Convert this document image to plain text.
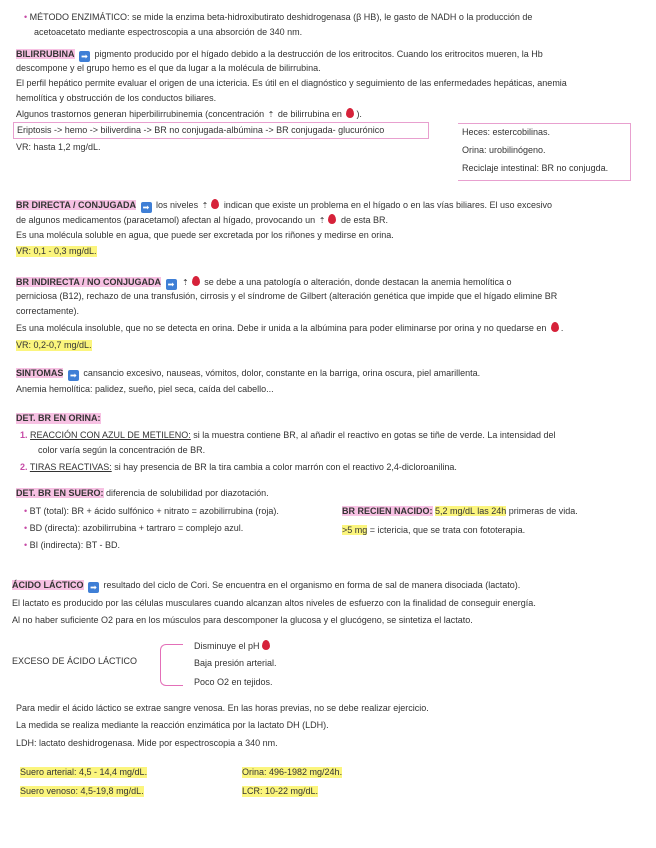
• MÉTODO ENZIMÁTICO: se mide la enzima beta-hidroxibutirato deshidrogenasa (β HB), le gasto de NADH o la producción de
acetoacetato mediante espectroscopia a una absorción de 340 nm.
BILIRRUBINA ➡ pigmento producido por el hígado debido a la destrucción de los eritrocitos. Cuando los eritrocitos mueren, la Hb
descompone y el grupo hemo es el que da lugar a la molécula de bilirrubina.
El perfil hepático permite evaluar el origen de una ictericia. Es útil en el diagnóstico y seguimiento de las enfermedades hepáticas, anemia
hemolítica y obstrucción de los conductos biliares.
Algunos trastornos generan hiperbilirrubinemia (concentración ⇡ de bilirrubina en ).
Eriptosis -> hemo -> biliverdina -> BR no conjugada-albúmina -> BR conjugada- glucurónico
VR: hasta 1,2 mg/dL.
Heces: estercobilinas.
Orina: urobilinógeno.
Reciclaje intestinal: BR no conjugda.
BR DIRECTA / CONJUGADA ➡ los niveles ⇡ indican que existe un problema en el hígado o en las vías biliares. El uso excesivo
de algunos medicamentos (paracetamol) afectan al hígado, provocando un ⇡ de esta BR.
Es una molécula soluble en agua, que puede ser excretada por los riñones y medirse en orina.
VR: 0,1 - 0,3 mg/dL.
BR INDIRECTA / NO CONJUGADA ➡ ⇡ se debe a una patología o alteración, donde destacan la anemia hemolítica o
perniciosa (B12), rechazo de una transfusión, cirrosis y el síndrome de Gilbert (alteración genética que impide que el hígado elimine BR
correctamente).
Es una molécula insoluble, que no se detecta en orina. Debe ir unida a la albúmina para poder eliminarse por orina y no quedarse en .
VR: 0,2-0,7 mg/dL.
SINTOMAS ➡ cansancio excesivo, nauseas, vómitos, dolor, constante en la barriga, orina oscura, piel amarillenta.
Anemia hemolítica: palidez, sueño, piel seca, caída del cabello...
DET. BR EN ORINA:
1. REACCIÓN CON AZUL DE METILENO: si la muestra contiene BR, al añadir el reactivo en gotas se tiñe de verde. La intensidad del
color varía según la concentración de BR.
2. TIRAS REACTIVAS: si hay presencia de BR la tira cambia a color marrón con el reactivo 2,4-dicloroanilina.
DET. BR EN SUERO: diferencia de solubilidad por diazotación.
• BT (total): BR + ácido sulfónico + nitrato = azobilirrubina (roja).
• BD (directa): azobilirrubina + tartraro = complejo azul.
• BI (indirecta): BT - BD.
BR RECIEN NACIDO: 5,2 mg/dL las 24h primeras de vida.
>5 mg = ictericia, que se trata con fototerapia.
ÁCIDO LÁCTICO ➡ resultado del ciclo de Cori. Se encuentra en el organismo en forma de sal de manera disociada (lactato).
El lactato es producido por las células musculares cuando alcanzan altos niveles de esfuerzo con la finalidad de conseguir energía.
Al no haber suficiente O2 para en los músculos para descomponer la glucosa y el glucógeno, se sintetiza el lactato.
EXCESO DE ÁCIDO LÁCTICO
Disminuye el pH
Baja presión arterial.
Poco O2 en tejidos.
Para medir el ácido láctico se extrae sangre venosa. En las horas previas, no se debe realizar ejercicio.
La medida se realiza mediante la reacción enzimática por la lactato DH (LDH).
LDH: lactato deshidrogenasa. Mide por espectroscopia a 340 nm.
Suero arterial: 4,5 - 14,4 mg/dL.
Suero venoso: 4,5-19,8 mg/dL.
Orina: 496-1982 mg/24h.
LCR: 10-22 mg/dL.
